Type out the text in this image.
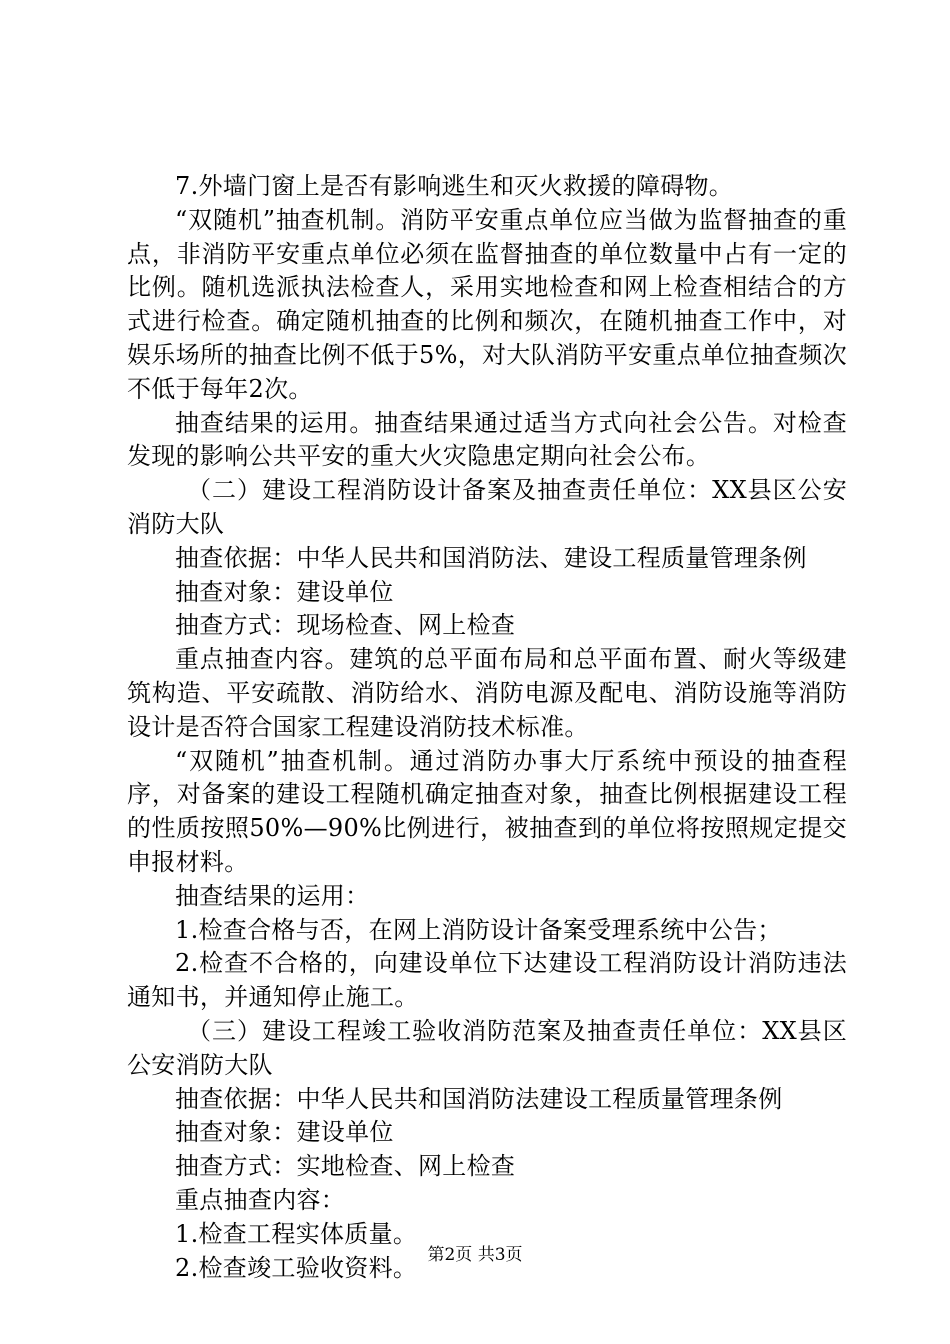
7.外墙门窗上是否有影响逃生和灭火救援的障碍物。

“双随机”抽查机制。消防平安重点单位应当做为监督抽查的重点，非消防平安重点单位必须在监督抽查的单位数量中占有一定的比例。随机选派执法检查人，采用实地检查和网上检查相结合的方式进行检查。确定随机抽查的比例和频次，在随机抽查工作中，对娱乐场所的抽查比例不低于5%，对大队消防平安重点单位抽查频次不低于每年2次。

抽查结果的运用。抽查结果通过适当方式向社会公告。对检查发现的影响公共平安的重大火灾隐患定期向社会公布。

（二）建设工程消防设计备案及抽查责任单位：XX县区公安消防大队

抽查依据：中华人民共和国消防法、建设工程质量管理条例

抽查对象：建设单位

抽查方式：现场检查、网上检查

重点抽查内容。建筑的总平面布局和总平面布置、耐火等级建筑构造、平安疏散、消防给水、消防电源及配电、消防设施等消防设计是否符合国家工程建设消防技术标准。

“双随机”抽查机制。通过消防办事大厅系统中预设的抽查程序，对备案的建设工程随机确定抽查对象，抽查比例根据建设工程的性质按照50%—90%比例进行，被抽查到的单位将按照规定提交申报材料。

抽查结果的运用：

1.检查合格与否，在网上消防设计备案受理系统中公告；

2.检查不合格的，向建设单位下达建设工程消防设计消防违法通知书，并通知停止施工。

（三）建设工程竣工验收消防范案及抽查责任单位：XX县区公安消防大队

抽查依据：中华人民共和国消防法建设工程质量管理条例

抽查对象：建设单位

抽查方式：实地检查、网上检查

重点抽查内容：

1.检查工程实体质量。

2.检查竣工验收资料。 第2页 共3页
